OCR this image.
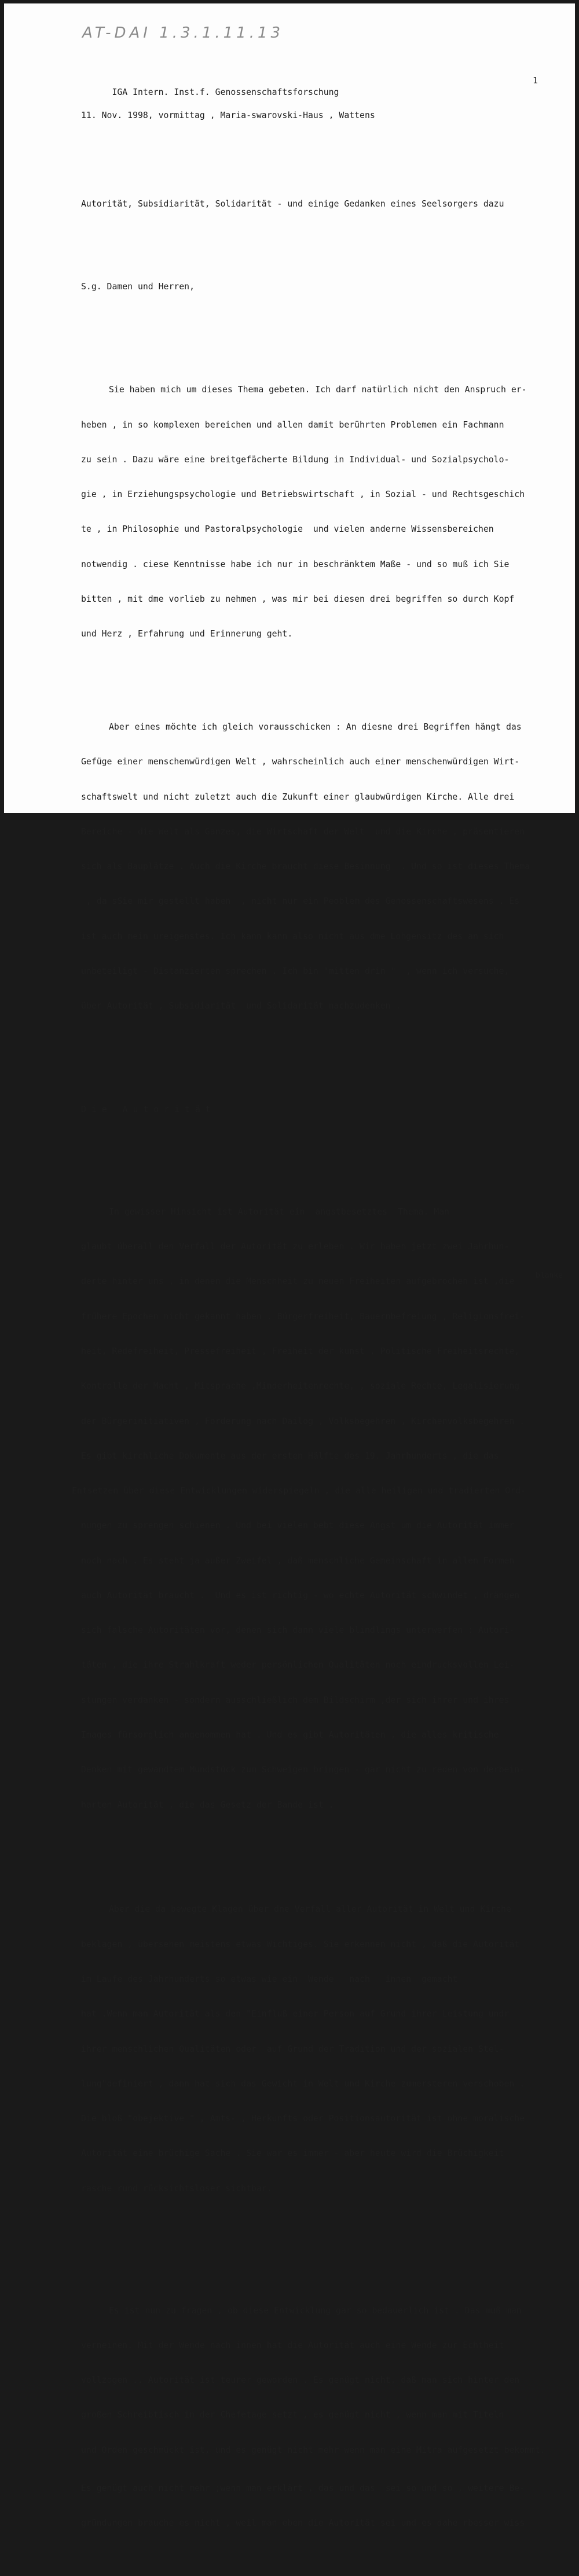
AT-DAI 1.3.1.11.13

IGA Intern. Inst.f. Genossenschaftsforschung

1

11. Nov. 1998, vormittag , Maria-swarovski-Haus , Wattens

Autorität, Subsidiarität, Solidarität - und einige Gedanken eines Seelsorgers dazu

S.g. Damen und Herren,

Sie haben mich um dieses Thema gebeten. Ich darf natürlich nicht den Anspruch er-

heben , in so komplexen bereichen und allen damit berührten Problemen ein Fachmann

zu sein . Dazu wäre eine breitgefächerte Bildung in Individual- und Sozialpsycholo-

gie , in Erziehungspsychologie und Betriebswirtschaft , in Sozial - und Rechtsgeschich

te , in Philosophie und Pastoralpsychologie  und vielen anderne Wissensbereichen

notwendig . ciese Kenntnisse habe ich nur in beschränktem Maße - und so muß ich Sie

bitten , mit dme vorlieb zu nehmen , was mir bei diesen drei begriffen so durch Kopf

und Herz , Erfahrung und Erinnerung geht.

Aber eines möchte ich gleich vorausschicken : An diesne drei Begriffen hängt das

Gefüge einer menschenwürdigen Welt , wahrscheinlich auch einer menschenwürdigen Wirt-

schaftswelt und nicht zuletzt auch die Zukunft einer glaubwürdigen Kirche. Alle drei

Bereiche - die Welt als Ganzes, die Wirtschaft der Welt  und die Kirche , präsentieren

sich als Bauplätze . Auch die Kirche braucht diese Besinnung  . Und so ist dieses Thema

, da sSie mir gestellt haben  , nicht nur ein Peoblem des Genossenschaftswesens . Es

ist auch mein ureigenstes. Ich kann kann also nicht aus dme Lohgensitz des an sich

unbeteiligt - Distanzierten sprechen . Ich bin "mitten drin "  , wenn ich versuche,

über Autorität , Subsidiarität  und Solidarität nachzudenken .

Die Autorität

In gewisser Hinsicht ist Autorität ein  angstbesetztes  Thema. Man

glaubt überall den Verfall der Autorität zu erleben . Wir haben jetzt zwei Jahrhun-

derte hinter uns , in denen die Menschheit zu neuen Freiheiten aufgebrochen ist ,die

frühere Epochen nicht gekannt haben . Bürgerfreiheit, Bauernbefreiung , Religionsfrei-

heit, Redefreiheit, Pressefreiheit , Freiheit der kunst , Politische Freiheitsrechte,

Kontrolle der Macht , Mitsprache ,Minderheitenrechte, , soziale Rechte, Legalisierung

der Bürgerinitiativen , Forderung nach Dailog , Volksbegehren , Kirchenvolksbegehren .

Es gibt kirchliche Dokumente aus der ersten Hälfte des 19. Jahrhunderts , die das

Entsetzen über diese Entwicklungen widerspiegeln , die alle heiligen und tradierten Ord-

nungen zu sprengen schienen . Und bei vielen bebt diese Angst um die Autorität immer

noch nach . Es steht ja außer Zweifel , daß menschliche Gemeinschaft in allen Formen

auch Autorität braucht .  Und es ist richtig - wo echte Autorität schwindet , drängen

sich falsche Autoritäten vor, denen sich dann viele blindlings unterwerfen : Autori-

täten , die ihre Strahlkraft weder persönlichen Qualitäten noch eindrucksvollen Lei-

stungen verdanken - sondern ausschließlich dem Bildschirm ,der sich ihrer und ihres

Images fürsorglich angenommen hat . Und es gibt Autoritäten , die alles kritische

Denken mit gewandtem Mundstück zum Schweigen bringen - gar nicht zu reden von derbein-

harten Autorität , die das Gesetz der Bande ist .

blanke

Aber die da bewegte Klagen über dne Verfall aller Autorität in Welt und Kirche

beklagen , übersehen meistens etwas Wichtiges. Sie erkennen nicht , daß die Autorität

im Laufe des Jahrhunderts so etwas wie ein  Wende   nach   innen  gemacht

hat .Wenn man Autorität als den "Einfluß einer Person auf Grund ihrer Leistung undr

ihrer menschlichen Qualitäten oder  auf Grund der Tradition und der sozialen Stel-

lung"definiert , dann hat sich das Gewicht in Welt und Kirche zumersteren verschoben .

Die bloß "obejektive " , Amts- , Herkunfts oder Positionsautorität ist ohne moralische

Autorität eine brüchige Sache . Sie war es immer - aber heute wird die Brüchigkeit

rasche rund rücksichtsloser sichtbar.

Es ist nun zu fragen , ob diese Entwicklung gar so bedauerlich ist . Das muß man

verneinen. Mit der Wende nach innen hat die Autorität auch eine Wende zur Echtheit

vollzogen .. Autorität ist teurer geworden . Es genügt nicht, daß man sich hinter den

großen Schreibtisch in der Chefetage setzt , es genügt nicht , wenn man mit Titeln

und Orden geschmückt ist, und es genügt nicht mehr wenn man eine Mitra aufgesetzt bekommt.

Es genügt auch nicht mehr ;wenn man erklärt , das und das  sei so und so , weitere Be-

gründungen brauche es nicht , weil man eben die Autorität sei und es dahe rbesser wiss
